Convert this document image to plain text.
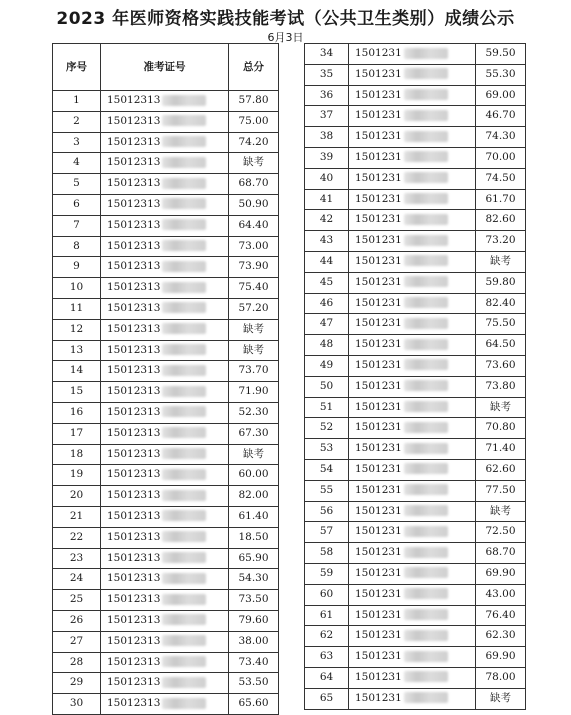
2023 年医师资格实践技能考试（公共卫生类别）成绩公示
6月3日
序号	准考证号	总分
1	15012313	57.80
2	15012313	75.00
3	15012313	74.20
4	15012313	缺考
5	15012313	68.70
6	15012313	50.90
7	15012313	64.40
8	15012313	73.00
9	15012313	73.90
10	15012313	75.40
11	15012313	57.20
12	15012313	缺考
13	15012313	缺考
14	15012313	73.70
15	15012313	71.90
16	15012313	52.30
17	15012313	67.30
18	15012313	缺考
19	15012313	60.00
20	15012313	82.00
21	15012313	61.40
22	15012313	18.50
23	15012313	65.90
24	15012313	54.30
25	15012313	73.50
26	15012313	79.60
27	15012313	38.00
28	15012313	73.40
29	15012313	53.50
30	15012313	65.60
34	1501231	59.50
35	1501231	55.30
36	1501231	69.00
37	1501231	46.70
38	1501231	74.30
39	1501231	70.00
40	1501231	74.50
41	1501231	61.70
42	1501231	82.60
43	1501231	73.20
44	1501231	缺考
45	1501231	59.80
46	1501231	82.40
47	1501231	75.50
48	1501231	64.50
49	1501231	73.60
50	1501231	73.80
51	1501231	缺考
52	1501231	70.80
53	1501231	71.40
54	1501231	62.60
55	1501231	77.50
56	1501231	缺考
57	1501231	72.50
58	1501231	68.70
59	1501231	69.90
60	1501231	43.00
61	1501231	76.40
62	1501231	62.30
63	1501231	69.90
64	1501231	78.00
65	1501231	缺考
